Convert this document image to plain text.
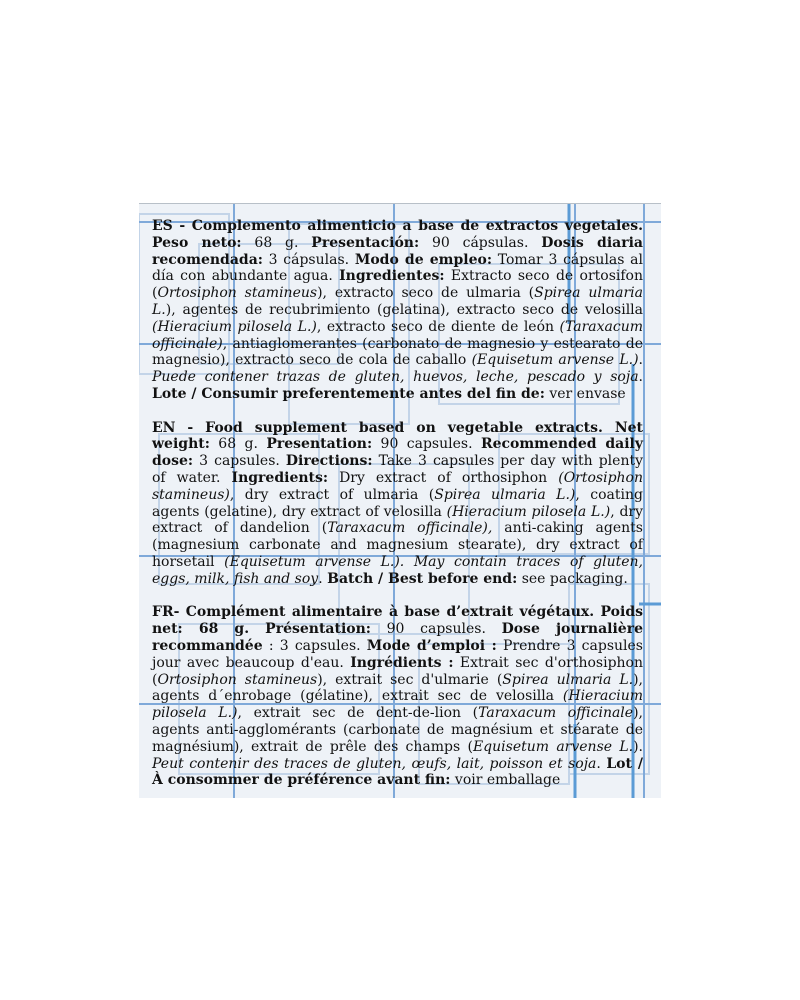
ES - Complemento alimenticio a base de extractos vegetales. Peso neto: 68 g. Presentación: 90 cápsulas. Dosis diaria recomendada: 3 cápsulas. Modo de empleo: Tomar 3 cápsulas al día con abundante agua. Ingredientes: Extracto seco de ortosifon (Ortosiphon stamineus), extracto seco de ulmaria (Spirea ulmaria L.), agentes de recubrimiento (gelatina), extracto seco de velosilla (Hieracium pilosela L.), extracto seco de diente de león (Taraxacum officinale), antiaglomerantes (carbonato de magnesio y estearato de magnesio), extracto seco de cola de caballo (Equisetum arvense L.). Puede contener trazas de gluten, huevos, leche, pescado y soja. Lote / Consumir preferentemente antes del fin de: ver envase

EN - Food supplement based on vegetable extracts. Net weight: 68 g. Presentation: 90 capsules. Recommended daily dose: 3 capsules. Directions: Take 3 capsules per day with plenty of water. Ingredients: Dry extract of orthosiphon (Ortosiphon stamineus), dry extract of ulmaria (Spirea ulmaria L.), coating agents (gelatine), dry extract of velosilla (Hieracium pilosela L.), dry extract of dandelion (Taraxacum officinale), anti-caking agents (magnesium carbonate and magnesium stearate), dry extract of horsetail (Equisetum arvense L.). May contain traces of gluten, eggs, milk, fish and soy. Batch / Best before end: see packaging.

FR- Complément alimentaire à base d’extrait végétaux. Poids net: 68 g. Présentation: 90 capsules. Dose journalière recommandée : 3 capsules. Mode d’emploi : Prendre 3 capsules jour avec beaucoup d'eau. Ingrédients : Extrait sec d'orthosiphon (Ortosiphon stamineus), extrait sec d'ulmarie (Spirea ulmaria L.), agents d´enrobage (gélatine), extrait sec de velosilla (Hieracium pilosela L.), extrait sec de dent-de-lion (Taraxacum officinale), agents anti-agglomérants (carbonate de magnésium et stéarate de magnésium), extrait de prêle des champs (Equisetum arvense L.). Peut contenir des traces de gluten, œufs, lait, poisson et soja. Lot / À consommer de préférence avant fin: voir emballage
